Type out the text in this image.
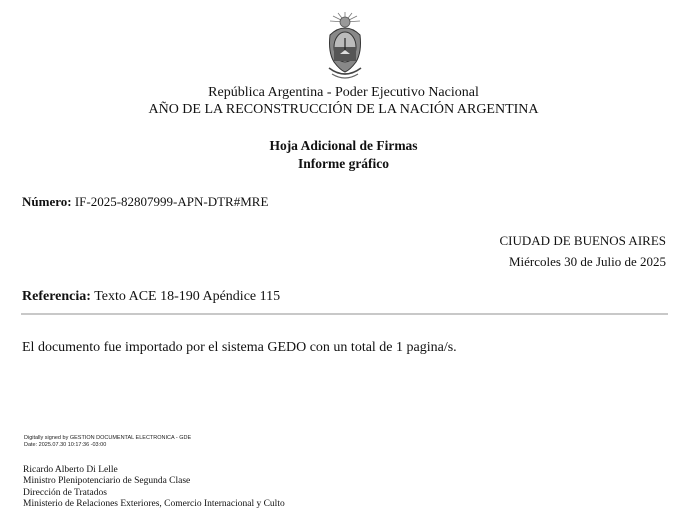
República Argentina - Poder Ejecutivo Nacional
AÑO DE LA RECONSTRUCCIÓN DE LA NACIÓN ARGENTINA
Hoja Adicional de Firmas
Informe gráfico
Número: IF-2025-82807999-APN-DTR#MRE
CIUDAD DE BUENOS AIRES
Miércoles 30 de Julio de 2025
Referencia: Texto ACE 18-190 Apéndice 115
El documento fue importado por el sistema GEDO con un total de 1 pagina/s.
Digitally signed by GESTION DOCUMENTAL ELECTRONICA - GDE
Date: 2025.07.30 10:17:36 -03:00
Ricardo Alberto Di Lelle
Ministro Plenipotenciario de Segunda Clase
Dirección de Tratados
Ministerio de Relaciones Exteriores, Comercio Internacional y Culto
